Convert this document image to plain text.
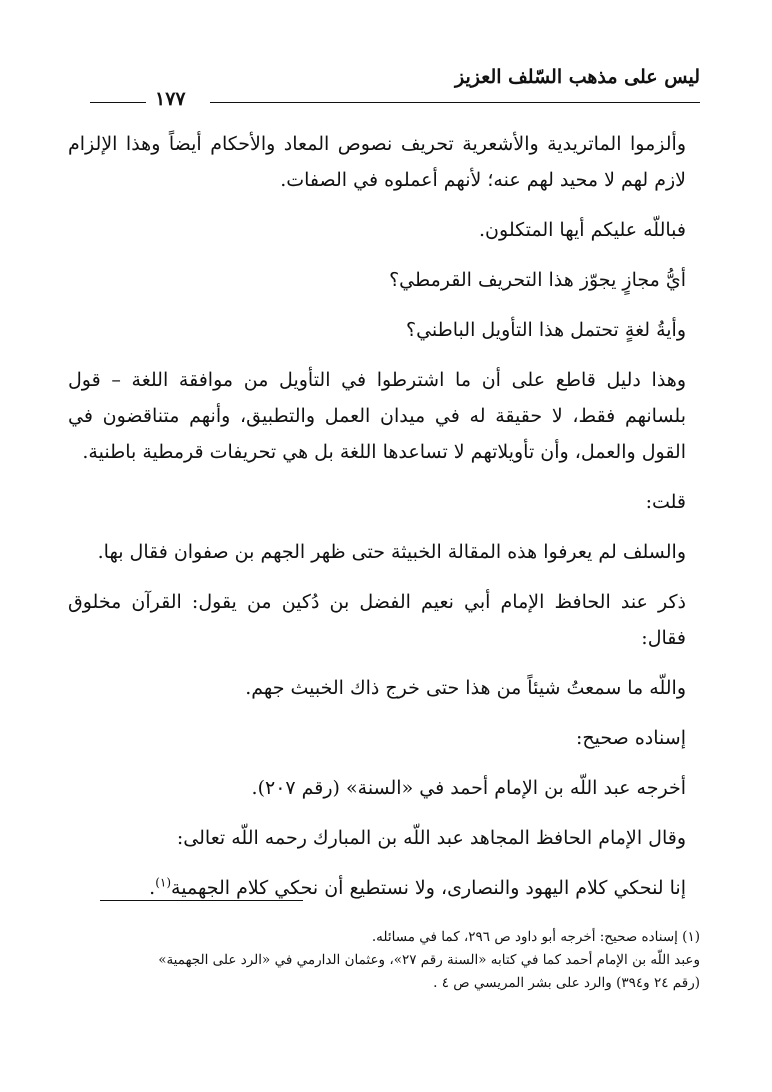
ليس على مذهب السّلف العزيز
١٧٧

وألزموا الماتريدية والأشعرية تحريف نصوص المعاد والأحكام أيضاً وهذا الإلزام لازم لهم لا محيد لهم عنه؛ لأنهم أعملوه في الصفات.

فباللّه عليكم أيها المتكلون.

أيُّ مجازٍ يجوّز هذا التحريف القرمطي؟

وأيةُ لغةٍ تحتمل هذا التأويل الباطني؟

وهذا دليل قاطع على أن ما اشترطوا في التأويل من موافقة اللغة – قول بلسانهم فقط، لا حقيقة له في ميدان العمل والتطبيق، وأنهم متناقضون في القول والعمل، وأن تأويلاتهم لا تساعدها اللغة بل هي تحريفات قرمطية باطنية.

قلت:

والسلف لم يعرفوا هذه المقالة الخبيثة حتى ظهر الجهم بن صفوان فقال بها.

ذكر عند الحافظ الإمام أبي نعيم الفضل بن دُكين من يقول: القرآن مخلوق فقال:

واللّه ما سمعتُ شيئاً من هذا حتى خرج ذاك الخبيث جهم.

إسناده صحيح:

أخرجه عبد اللّه بن الإمام أحمد في «السنة» (رقم ٢٠٧).

وقال الإمام الحافظ المجاهد عبد اللّه بن المبارك رحمه اللّه تعالى:

إنا لنحكي كلام اليهود والنصارى، ولا نستطيع أن نحكي كلام الجهمية$^{(١)}$.

(١) إسناده صحيح: أخرجه أبو داود ص ٢٩٦، كما في مسائله.

وعبد اللّه بن الإمام أحمد كما في كتابه «السنة رقم ٢٧»، وعثمان الدارمي في «الرد على الجهمية»

(رقم ٢٤ و٣٩٤) والرد على بشر المريسي ص ٤ .
